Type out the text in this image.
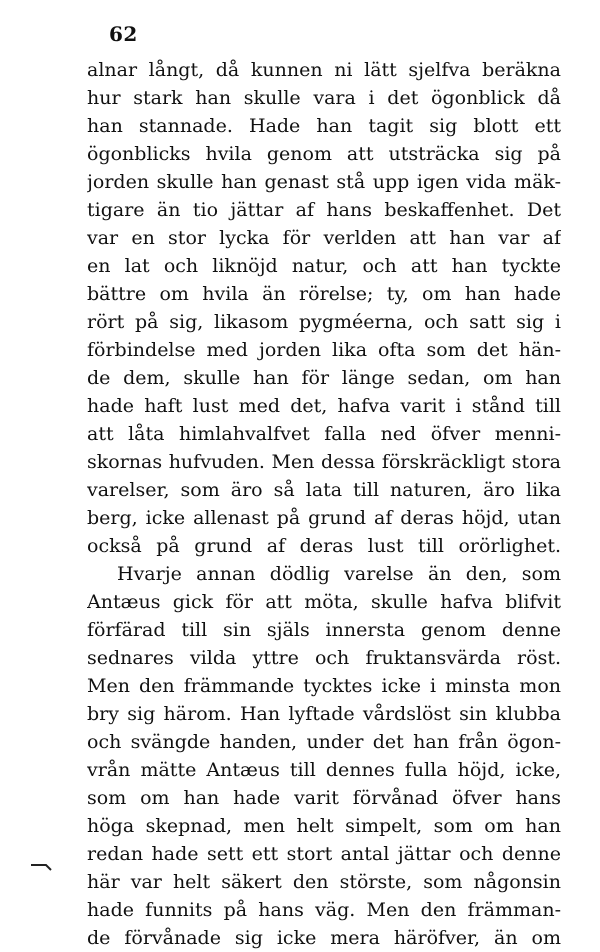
62
alnar långt, då kunnen ni lätt sjelfva beräkna
hur stark han skulle vara i det ögonblick då
han stannade. Hade han tagit sig blott ett
ögonblicks hvila genom att utsträcka sig på
jorden skulle han genast stå upp igen vida mäk-
tigare än tio jättar af hans beskaffenhet. Det
var en stor lycka för verlden att han var af
en lat och liknöjd natur, och att han tyckte
bättre om hvila än rörelse; ty, om han hade
rört på sig, likasom pygméerna, och satt sig i
förbindelse med jorden lika ofta som det hän-
de dem, skulle han för länge sedan, om han
hade haft lust med det, hafva varit i stånd till
att låta himlahvalfvet falla ned öfver menni-
skornas hufvuden. Men dessa förskräckligt stora
varelser, som äro så lata till naturen, äro lika
berg, icke allenast på grund af deras höjd, utan
också på grund af deras lust till orörlighet.
Hvarje annan dödlig varelse än den, som
Antæus gick för att möta, skulle hafva blifvit
förfärad till sin själs innersta genom denne
sednares vilda yttre och fruktansvärda röst.
Men den främmande tycktes icke i minsta mon
bry sig härom. Han lyftade vårdslöst sin klubba
och svängde handen, under det han från ögon-
vrån mätte Antæus till dennes fulla höjd, icke,
som om han hade varit förvånad öfver hans
höga skepnad, men helt simpelt, som om han
redan hade sett ett stort antal jättar och denne
här var helt säkert den störste, som någonsin
hade funnits på hans väg. Men den främman-
de förvånade sig icke mera häröfver, än om
